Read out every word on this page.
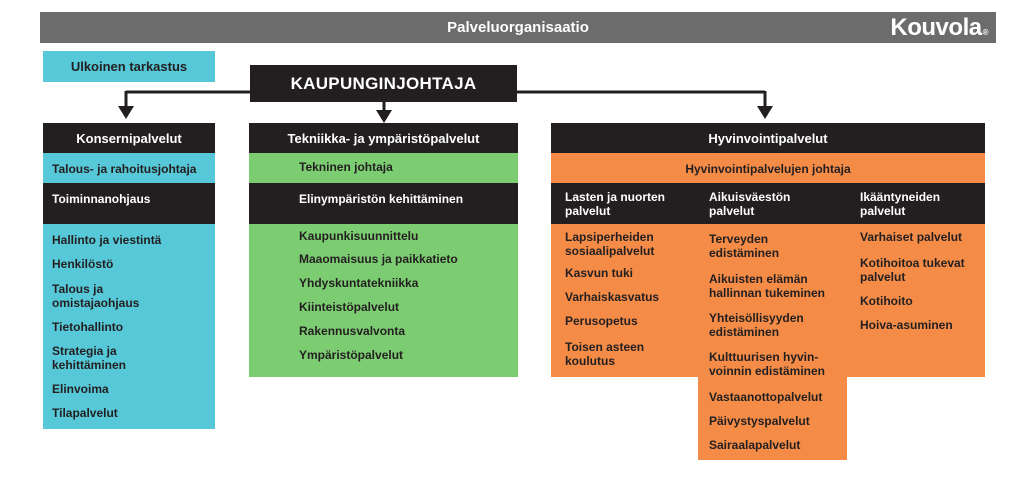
Palveluorganisaatio	Kouvola®
Ulkoinen tarkastus
KAUPUNGINJOHTAJA
Konsernipalvelut
Talous- ja rahoitusjohtaja
Toiminnanohjaus
Hallinto ja viestintä
Henkilöstö
Talous ja omistajaohjaus
Tietohallinto
Strategia ja kehittäminen
Elinvoima
Tilapalvelut
Tekniikka- ja ympäristöpalvelut
Tekninen johtaja
Elinympäristön kehittäminen
Kaupunkisuunnittelu
Maaomaisuus ja paikkatieto
Yhdyskuntatekniikka
Kiinteistöpalvelut
Rakennusvalvonta
Ympäristöpalvelut
Hyvinvointipalvelut
Hyvinvointipalvelujen johtaja
Lasten ja nuorten palvelut
Aikuisväestön palvelut
Ikääntyneiden palvelut
Lapsiperheiden sosiaalipalvelut
Kasvun tuki
Varhaiskasvatus
Perusopetus
Toisen asteen koulutus
Terveyden edistäminen
Aikuisten elämän hallinnan tukeminen
Yhteisöllisyyden edistäminen
Kulttuurisen hyvin-voinnin edistäminen
Vastaanottopalvelut
Päivystyspalvelut
Sairaalapalvelut
Varhaiset palvelut
Kotihoitoa tukevat palvelut
Kotihoito
Hoiva-asuminen
